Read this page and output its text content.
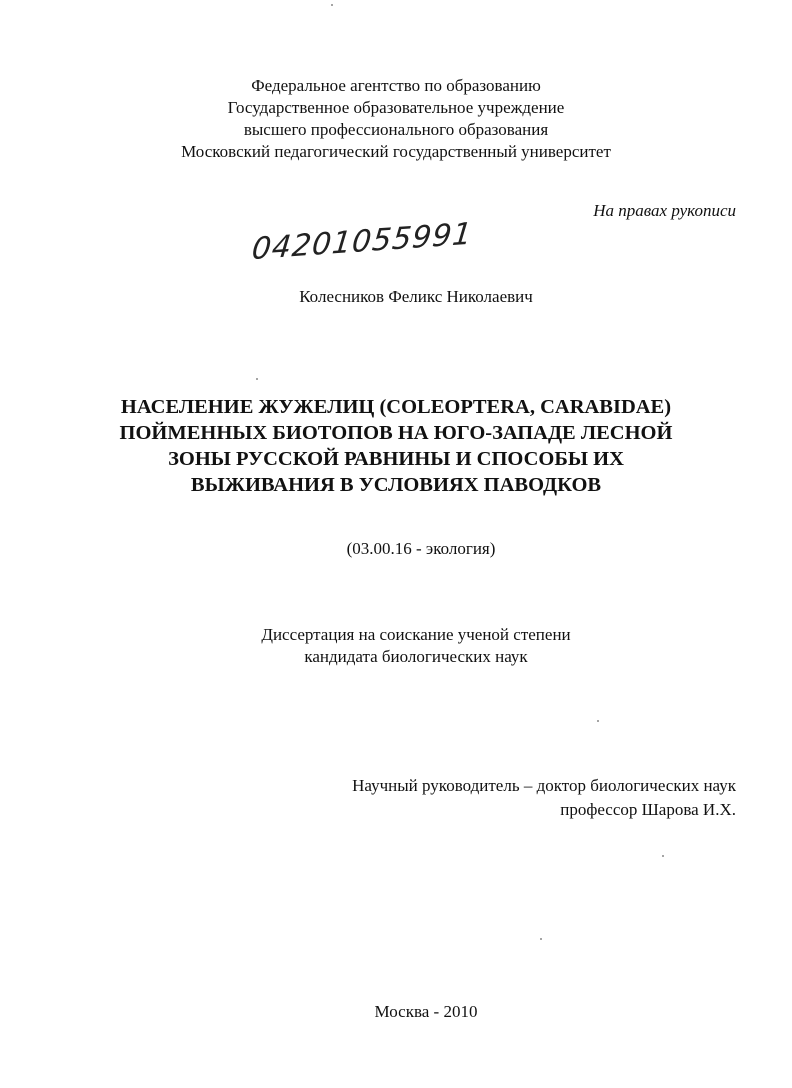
Федеральное агентство по образованию
Государственное образовательное учреждение
высшего профессионального образования
Московский педагогический государственный университет
На правах рукописи
04201055991
Колесников Феликс Николаевич
НАСЕЛЕНИЕ ЖУЖЕЛИЦ (COLEOPTERA, CARABIDAE)
ПОЙМЕННЫХ БИОТОПОВ НА ЮГО-ЗАПАДЕ ЛЕСНОЙ
ЗОНЫ РУССКОЙ РАВНИНЫ И СПОСОБЫ ИХ
ВЫЖИВАНИЯ В УСЛОВИЯХ ПАВОДКОВ
(03.00.16 - экология)
Диссертация на соискание ученой степени
кандидата биологических наук
Научный руководитель – доктор биологических наук
профессор Шарова И.Х.
Москва - 2010
